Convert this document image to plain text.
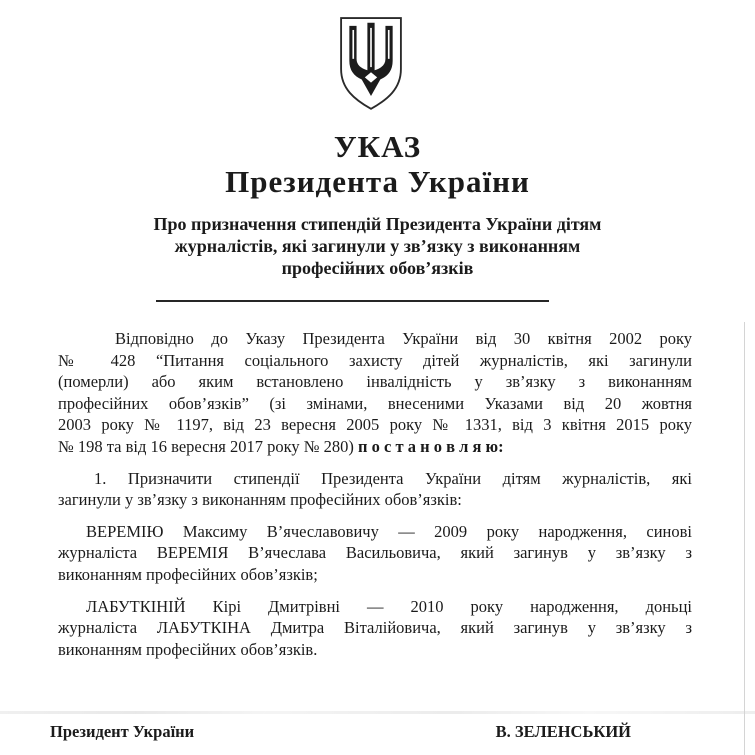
УКАЗ
Президента України
Про призначення стипендій Президента України дітям журналістів, які загинули у зв’язку з виконанням професійних обов’язків
Відповідно до Указу Президента України від 30 квітня 2002 року
№ 428 “Питання соціального захисту дітей журналістів, які загинули
(померли) або яким встановлено інвалідність у зв’язку з виконанням
професійних обов’язків” (зі змінами, внесеними Указами від 20 жовтня
2003 року № 1197, від 23 вересня 2005 року № 1331, від 3 квітня 2015 року
№ 198 та від 16 вересня 2017 року № 280) п о с т а н о в л я ю:
1. Призначити стипендії Президента України дітям журналістів, які
загинули у зв’язку з виконанням професійних обов’язків:
ВЕРЕМІЮ Максиму В’ячеславовичу — 2009 року народження, синові
журналіста ВЕРЕМІЯ В’ячеслава Васильовича, який загинув у зв’язку з
виконанням професійних обов’язків;
ЛАБУТКІНІЙ Кірі Дмитрівні — 2010 року народження, доньці
журналіста ЛАБУТКІНА Дмитра Віталійовича, який загинув у зв’язку з
виконанням професійних обов’язків.
Президент України	В. ЗЕЛЕНСЬКИЙ
